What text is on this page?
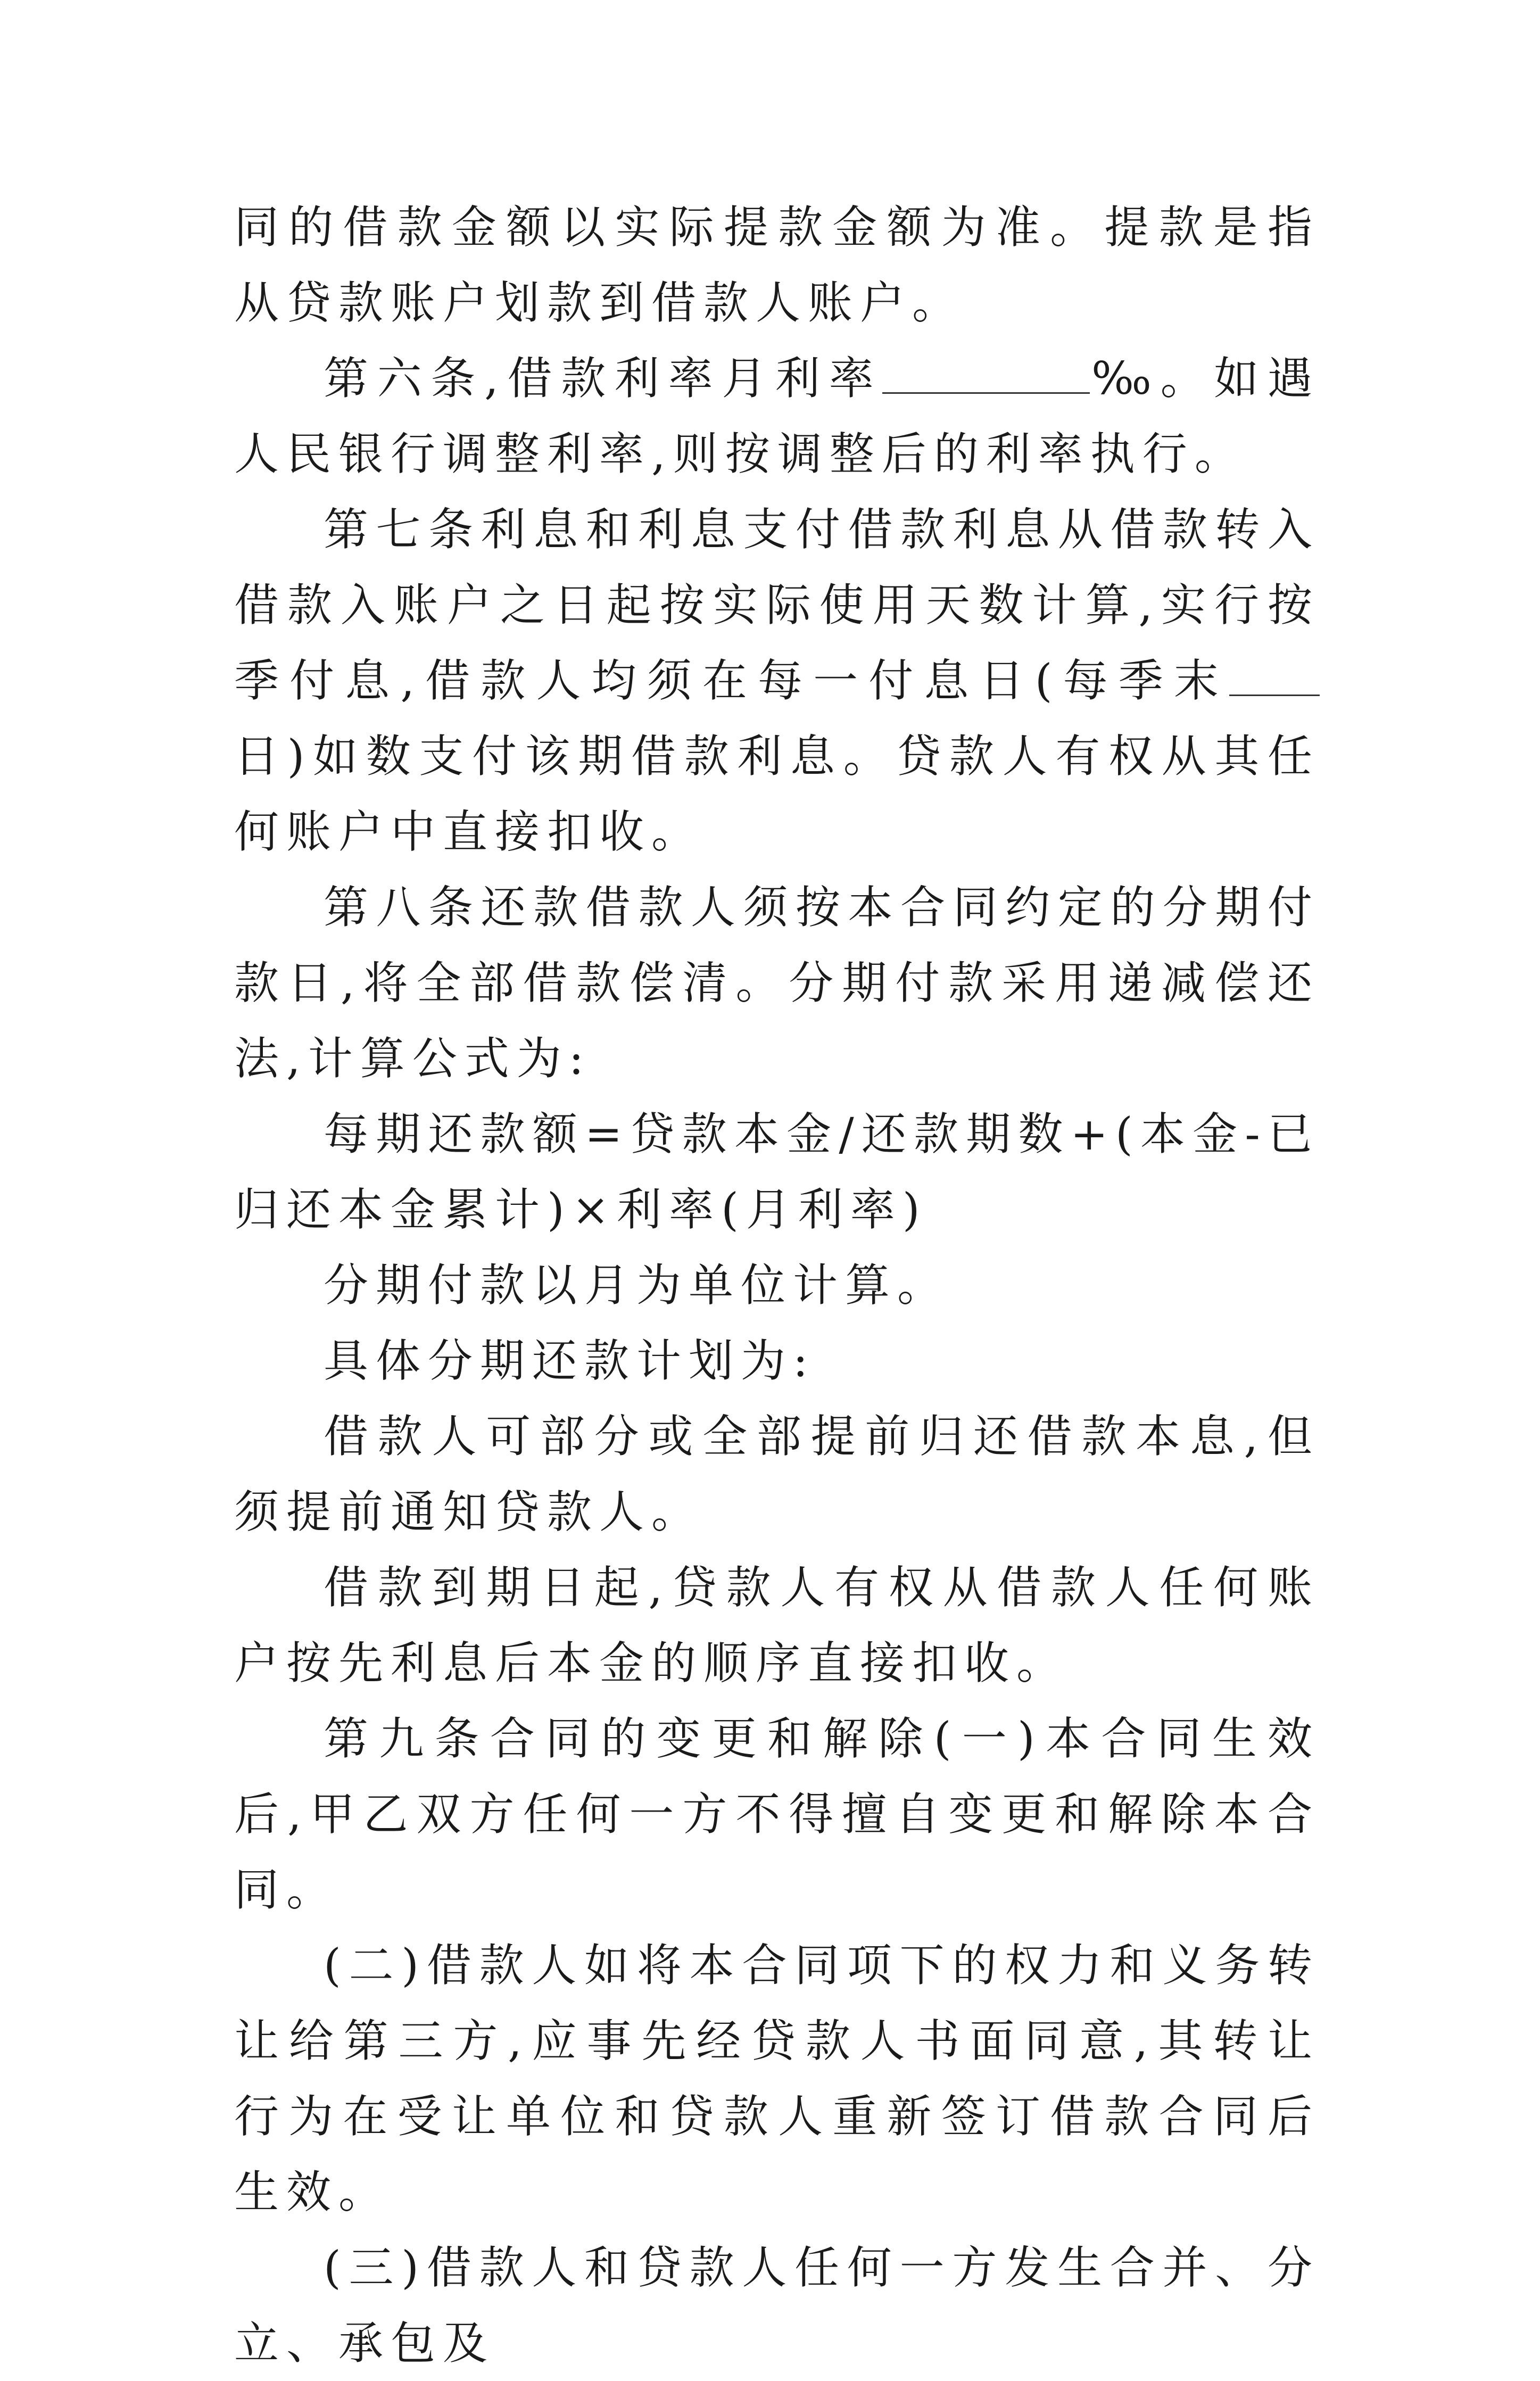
同的借款金额以实际提款金额为准。提款是指从贷款账户划款到借款人账户。

第六条,借款利率月利率	‰。如遇人民银行调整利率,则按调整后的利率执行。

第七条利息和利息支付借款利息从借款转入借款入账户之日起按实际使用天数计算,实行按季付息,借款人均须在每一付息日(每季末日)如数支付该期借款利息。贷款人有权从其任何账户中直接扣收。

第八条还款借款人须按本合同约定的分期付款日,将全部借款偿清。分期付款采用递减偿还法,计算公式为:

每期还款额=贷款本金/还款期数+(本金-已归还本金累计)×利率(月利率)

分期付款以月为单位计算。

具体分期还款计划为:

借款人可部分或全部提前归还借款本息,但须提前通知贷款人。

借款到期日起,贷款人有权从借款人任何账户按先利息后本金的顺序直接扣收。

第九条合同的变更和解除(一)本合同生效后,甲乙双方任何一方不得擅自变更和解除本合同。

(二)借款人如将本合同项下的权力和义务转让给第三方,应事先经贷款人书面同意,其转让行为在受让单位和贷款人重新签订借款合同后生效。

(三)借款人和贷款人任何一方发生合并、分立、承包及
